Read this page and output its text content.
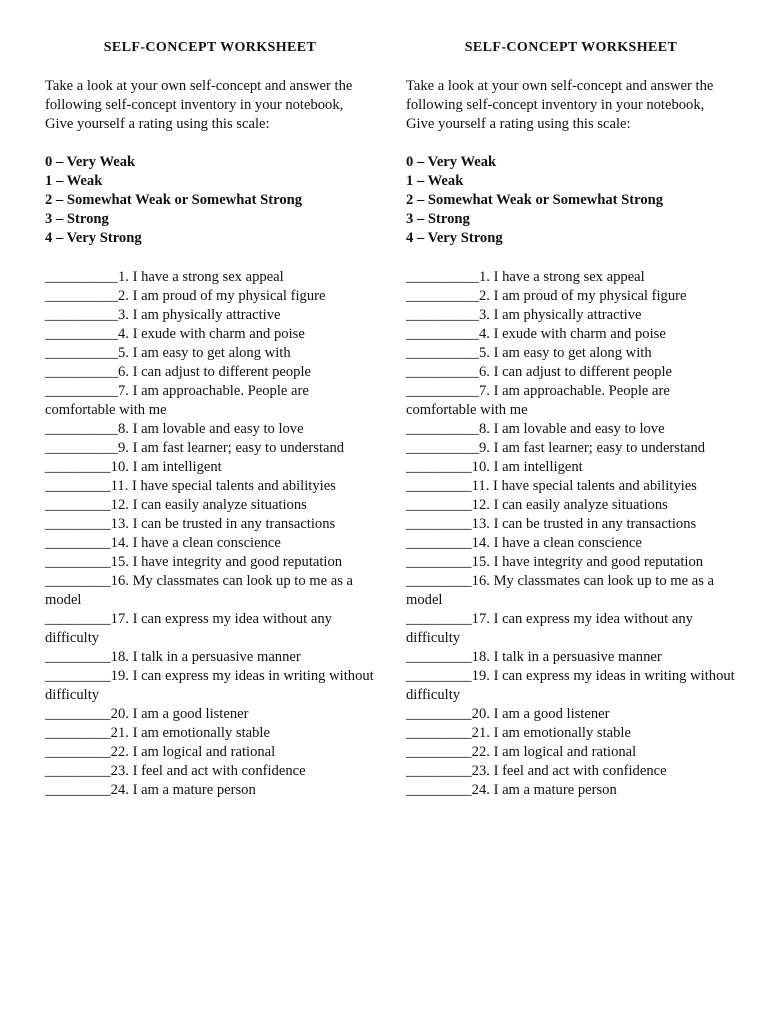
SELF-CONCEPT WORKSHEET

Take a look at your own self-concept and answer the following self-concept inventory in your notebook, Give yourself a rating using this scale:

0 – Very Weak
1 – Weak
2 – Somewhat Weak or Somewhat Strong
3 – Strong
4 – Very Strong
__________1. I have a strong sex appeal
__________2. I am proud of my physical figure
__________3. I am physically attractive
__________4. I exude with charm and poise
__________5. I am easy to get along with
__________6. I can adjust to different people
__________7. I am approachable. People are comfortable with me
__________8. I am lovable and easy to love
__________9. I am fast learner; easy to understand
_________10. I am intelligent
_________11. I have special talents and abilityies
_________12. I can easily analyze situations
_________13. I can be trusted in any transactions
_________14. I have a clean conscience
_________15. I have integrity and good reputation
_________16. My classmates can look up to me as a model
_________17. I can express my idea without any difficulty
_________18. I talk in a persuasive manner
_________19. I can express my ideas in writing without difficulty
_________20. I am a good listener
_________21. I am emotionally stable
_________22. I am logical and rational
_________23. I feel and act with confidence
_________24. I am a mature person
SELF-CONCEPT WORKSHEET

Take a look at your own self-concept and answer the following self-concept inventory in your notebook, Give yourself a rating using this scale:

0 – Very Weak
1 – Weak
2 – Somewhat Weak or Somewhat Strong
3 – Strong
4 – Very Strong
__________1. I have a strong sex appeal
__________2. I am proud of my physical figure
__________3. I am physically attractive
__________4. I exude with charm and poise
__________5. I am easy to get along with
__________6. I can adjust to different people
__________7. I am approachable. People are comfortable with me
__________8. I am lovable and easy to love
__________9. I am fast learner; easy to understand
_________10. I am intelligent
_________11. I have special talents and abilityies
_________12. I can easily analyze situations
_________13. I can be trusted in any transactions
_________14. I have a clean conscience
_________15. I have integrity and good reputation
_________16. My classmates can look up to me as a model
_________17. I can express my idea without any difficulty
_________18. I talk in a persuasive manner
_________19. I can express my ideas in writing without difficulty
_________20. I am a good listener
_________21. I am emotionally stable
_________22. I am logical and rational
_________23. I feel and act with confidence
_________24. I am a mature person
